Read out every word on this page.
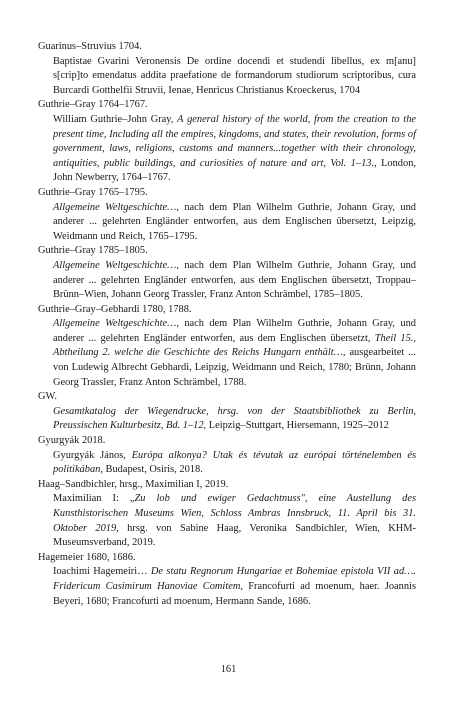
Guarinus–Struvius 1704.

Baptistae Gvarini Veronensis De ordine docendi et studendi libellus, ex m[anu] s[crip]to emendatus addita praefatione de formandorum studiorum scriptoribus, cura Burcardi Gotthelfii Struvii, Ienae, Henricus Christianus Kroeckerus, 1704

Guthrie–Gray 1764–1767.

William Guthrie–John Gray, A general history of the world, from the creation to the present time, Including all the empires, kingdoms, and states, their revolution, forms of government, laws, religions, customs and manners...together with their chronology, antiquities, public buildings, and curiosities of nature and art, Vol. 1–13., London, John Newberry, 1764–1767.

Guthrie–Gray 1765–1795.

Allgemeine Weltgeschichte…, nach dem Plan Wilhelm Guthrie, Johann Gray, und anderer ... gelehrten Engländer entworfen, aus dem Englischen übersetzt, Leipzig, Weidmann und Reich, 1765–1795.

Guthrie–Gray 1785–1805.

Allgemeine Weltgeschichte…, nach dem Plan Wilhelm Guthrie, Johann Gray, und anderer ... gelehrten Engländer entworfen, aus dem Englischen übersetzt, Troppau–Brünn–Wien, Johann Georg Trassler, Franz Anton Schrämbel, 1785–1805.

Guthrie–Gray–Gebhardi 1780, 1788.

Allgemeine Weltgeschichte…, nach dem Plan Wilhelm Guthrie, Johann Gray, und anderer ... gelehrten Engländer entworfen, aus dem Englischen übersetzt, Theil 15., Abtheilung 2. welche die Geschichte des Reichs Hungarn enthält…, ausgearbeitet ... von Ludewig Albrecht Gebhardi, Leipzig, Weidmann und Reich, 1780; Brünn, Johann Georg Trassler, Franz Anton Schrämbel, 1788.

GW.

Gesamtkatalog der Wiegendrucke, hrsg. von der Staatsbibliothek zu Berlin, Preussischen Kulturbesitz, Bd. 1–12, Leipzig–Stuttgart, Hiersemann, 1925–2012

Gyurgyák 2018.

Gyurgyák János, Európa alkonya? Utak és tévutak az európai történelemben és politikában, Budapest, Osiris, 2018.

Haag–Sandbichler, hrsg., Maximilian I, 2019.

Maximilian I: „Zu lob und ewiger Gedachtnuss", eine Austellung des Kunsthistorischen Museums Wien, Schloss Ambras Innsbruck, 11. April bis 31. Oktober 2019, hrsg. von Sabine Haag, Veronika Sandbichler, Wien, KHM-Museumsverband, 2019.

Hagemeier 1680, 1686.

Ioachimi Hagemeiri… De statu Regnorum Hungariae et Bohemiae epistola VII ad…. Fridericum Casimirum Hanoviae Comitem, Francofurti ad moenum, haer. Joannis Beyeri, 1680; Francofurti ad moenum, Hermann Sande, 1686.

161
